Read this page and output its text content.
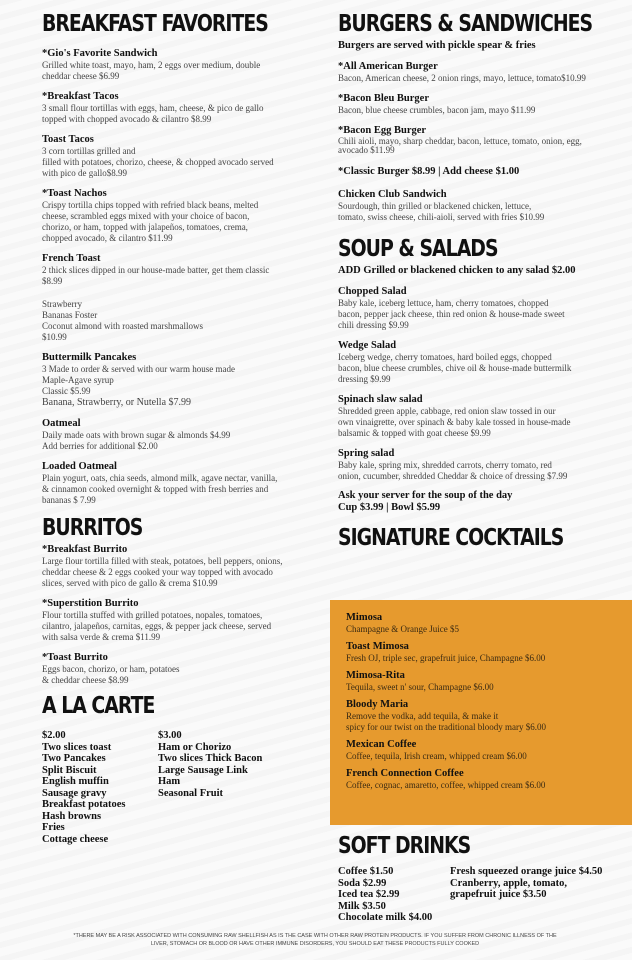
BREAKFAST FAVORITES
*Gio's Favorite Sandwich
Grilled white toast, mayo, ham, 2 eggs over medium, double
cheddar cheese $6.99
*Breakfast Tacos
3 small flour tortillas with eggs, ham, cheese, & pico de gallo
topped with chopped avocado & cilantro $8.99
Toast Tacos
3 corn tortillas grilled and
filled with potatoes, chorizo, cheese, & chopped avocado served
with pico de gallo$8.99
*Toast Nachos
Crispy tortilla chips topped with refried black beans, melted
cheese, scrambled eggs mixed with your choice of bacon,
chorizo, or ham, topped with jalapeños, tomatoes, crema,
chopped avocado, & cilantro $11.99
French Toast
2 thick slices dipped in our house-made batter, get them classic
$8.99
Strawberry
Bananas Foster
Coconut almond with roasted marshmallows
$10.99
Buttermilk Pancakes
3 Made to order & served with our warm house made
Maple-Agave syrup
Classic $5.99
Banana, Strawberry, or Nutella $7.99
Oatmeal
Daily made oats with brown sugar & almonds $4.99
Add berries for additional $2.00
Loaded Oatmeal
Plain yogurt, oats, chia seeds, almond milk, agave nectar, vanilla,
& cinnamon cooked overnight & topped with fresh berries and
bananas $ 7.99
BURRITOS
*Breakfast Burrito
Large flour tortilla filled with steak, potatoes, bell peppers, onions,
cheddar cheese & 2 eggs cooked your way topped with avocado
slices, served with pico de gallo & crema $10.99
*Superstition Burrito
Flour tortilla stuffed with grilled potatoes, nopales, tomatoes,
cilantro, jalapeños, carnitas, eggs, & pepper jack cheese, served
with salsa verde & crema $11.99
*Toast Burrito
Eggs bacon, chorizo, or ham, potatoes
& cheddar cheese $8.99
A LA CARTE
$2.00
Two slices toast
Two Pancakes
Split Biscuit
English muffin
Sausage gravy
Breakfast potatoes
Hash browns
Fries
Cottage cheese
$3.00
Ham or Chorizo
Two slices Thick Bacon
Large Sausage Link
Ham
Seasonal Fruit
BURGERS & SANDWICHES
Burgers are served with pickle spear & fries
*All American Burger
Bacon, American cheese, 2 onion rings, mayo, lettuce, tomato$10.99
*Bacon Bleu Burger
Bacon, blue cheese crumbles, bacon jam, mayo $11.99
*Bacon Egg Burger
Chili aioli, mayo, sharp cheddar, bacon, lettuce, tomato, onion, egg,
avocado $11.99
*Classic Burger $8.99 | Add cheese $1.00
Chicken Club Sandwich
Sourdough, thin grilled or blackened chicken, lettuce,
tomato, swiss cheese, chili-aioli, served with fries $10.99
SOUP & SALADS
ADD Grilled or blackened chicken to any salad $2.00
Chopped Salad
Baby kale, iceberg lettuce, ham, cherry tomatoes, chopped
bacon, pepper jack cheese, thin red onion & house-made sweet
chili dressing $9.99
Wedge Salad
Iceberg wedge, cherry tomatoes, hard boiled eggs, chopped
bacon, blue cheese crumbles, chive oil & house-made buttermilk
dressing $9.99
Spinach slaw salad
Shredded green apple, cabbage, red onion slaw tossed in our
own vinaigrette, over spinach & baby kale tossed in house-made
balsamic & topped with goat cheese $9.99
Spring salad
Baby kale, spring mix, shredded carrots, cherry tomato, red
onion, cucumber, shredded Cheddar & choice of dressing $7.99
Ask your server for the soup of the day
Cup $3.99 | Bowl $5.99
SIGNATURE COCKTAILS
Mimosa
Champagne & Orange Juice $5
Toast Mimosa
Fresh OJ, triple sec, grapefruit juice, Champagne $6.00
Mimosa-Rita
Tequila, sweet n' sour, Champagne $6.00
Bloody Maria
Remove the vodka, add tequila, & make it
spicy for our twist on the traditional bloody mary $6.00
Mexican Coffee
Coffee, tequila, Irish cream, whipped cream $6.00
French Connection Coffee
Coffee, cognac, amaretto, coffee, whipped cream $6.00
SOFT DRINKS
Coffee $1.50
Soda $2.99
Iced tea $2.99
Milk $3.50
Chocolate milk $4.00
Fresh squeezed orange juice $4.50
Cranberry, apple, tomato,
grapefruit juice $3.50
*THERE MAY BE A RISK ASSOCIATED WITH CONSUMING RAW SHELLFISH AS IS THE CASE WITH OTHER RAW PROTEIN PRODUCTS. IF YOU SUFFER FROM CHRONIC ILLNESS OF THE
LIVER, STOMACH OR BLOOD OR HAVE OTHER IMMUNE DISORDERS, YOU SHOULD EAT THESE PRODUCTS FULLY COOKED
